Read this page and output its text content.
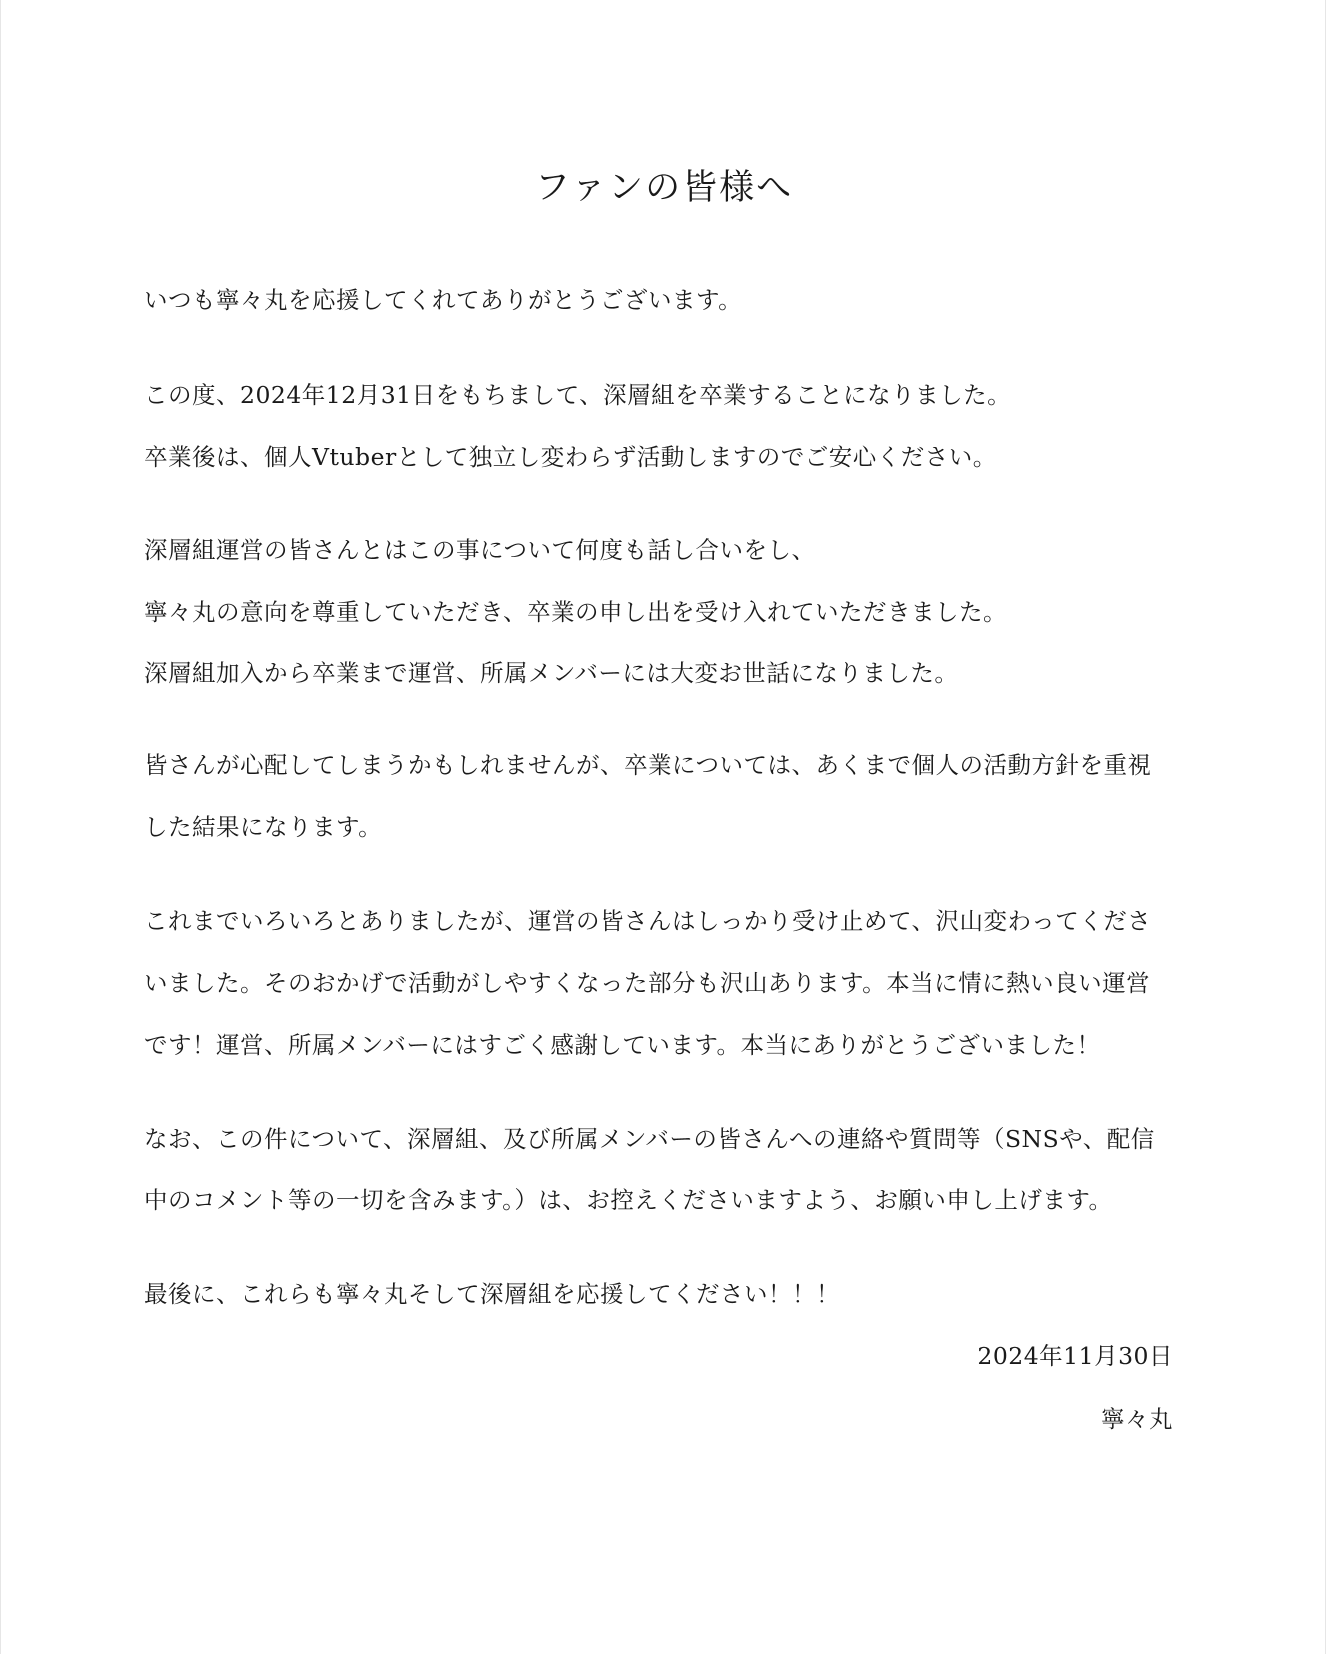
ファンの皆様へ
いつも寧々丸を応援してくれてありがとうございます。
この度、2024年12月31日をもちまして、深層組を卒業することになりました。
卒業後は、個人Vtuberとして独立し変わらず活動しますのでご安心ください。
深層組運営の皆さんとはこの事について何度も話し合いをし、
寧々丸の意向を尊重していただき、卒業の申し出を受け入れていただきました。
深層組加入から卒業まで運営、所属メンバーには大変お世話になりました。
皆さんが心配してしまうかもしれませんが、卒業については、あくまで個人の活動方針を重視
した結果になります。
これまでいろいろとありましたが、運営の皆さんはしっかり受け止めて、沢山変わってくださ
いました。そのおかげで活動がしやすくなった部分も沢山あります。本当に情に熱い良い運営
です！運営、所属メンバーにはすごく感謝しています。本当にありがとうございました！
なお、この件について、深層組、及び所属メンバーの皆さんへの連絡や質問等（SNSや、配信
中のコメント等の一切を含みます。）は、お控えくださいますよう、お願い申し上げます。
最後に、これらも寧々丸そして深層組を応援してください！！！
2024年11月30日
寧々丸
